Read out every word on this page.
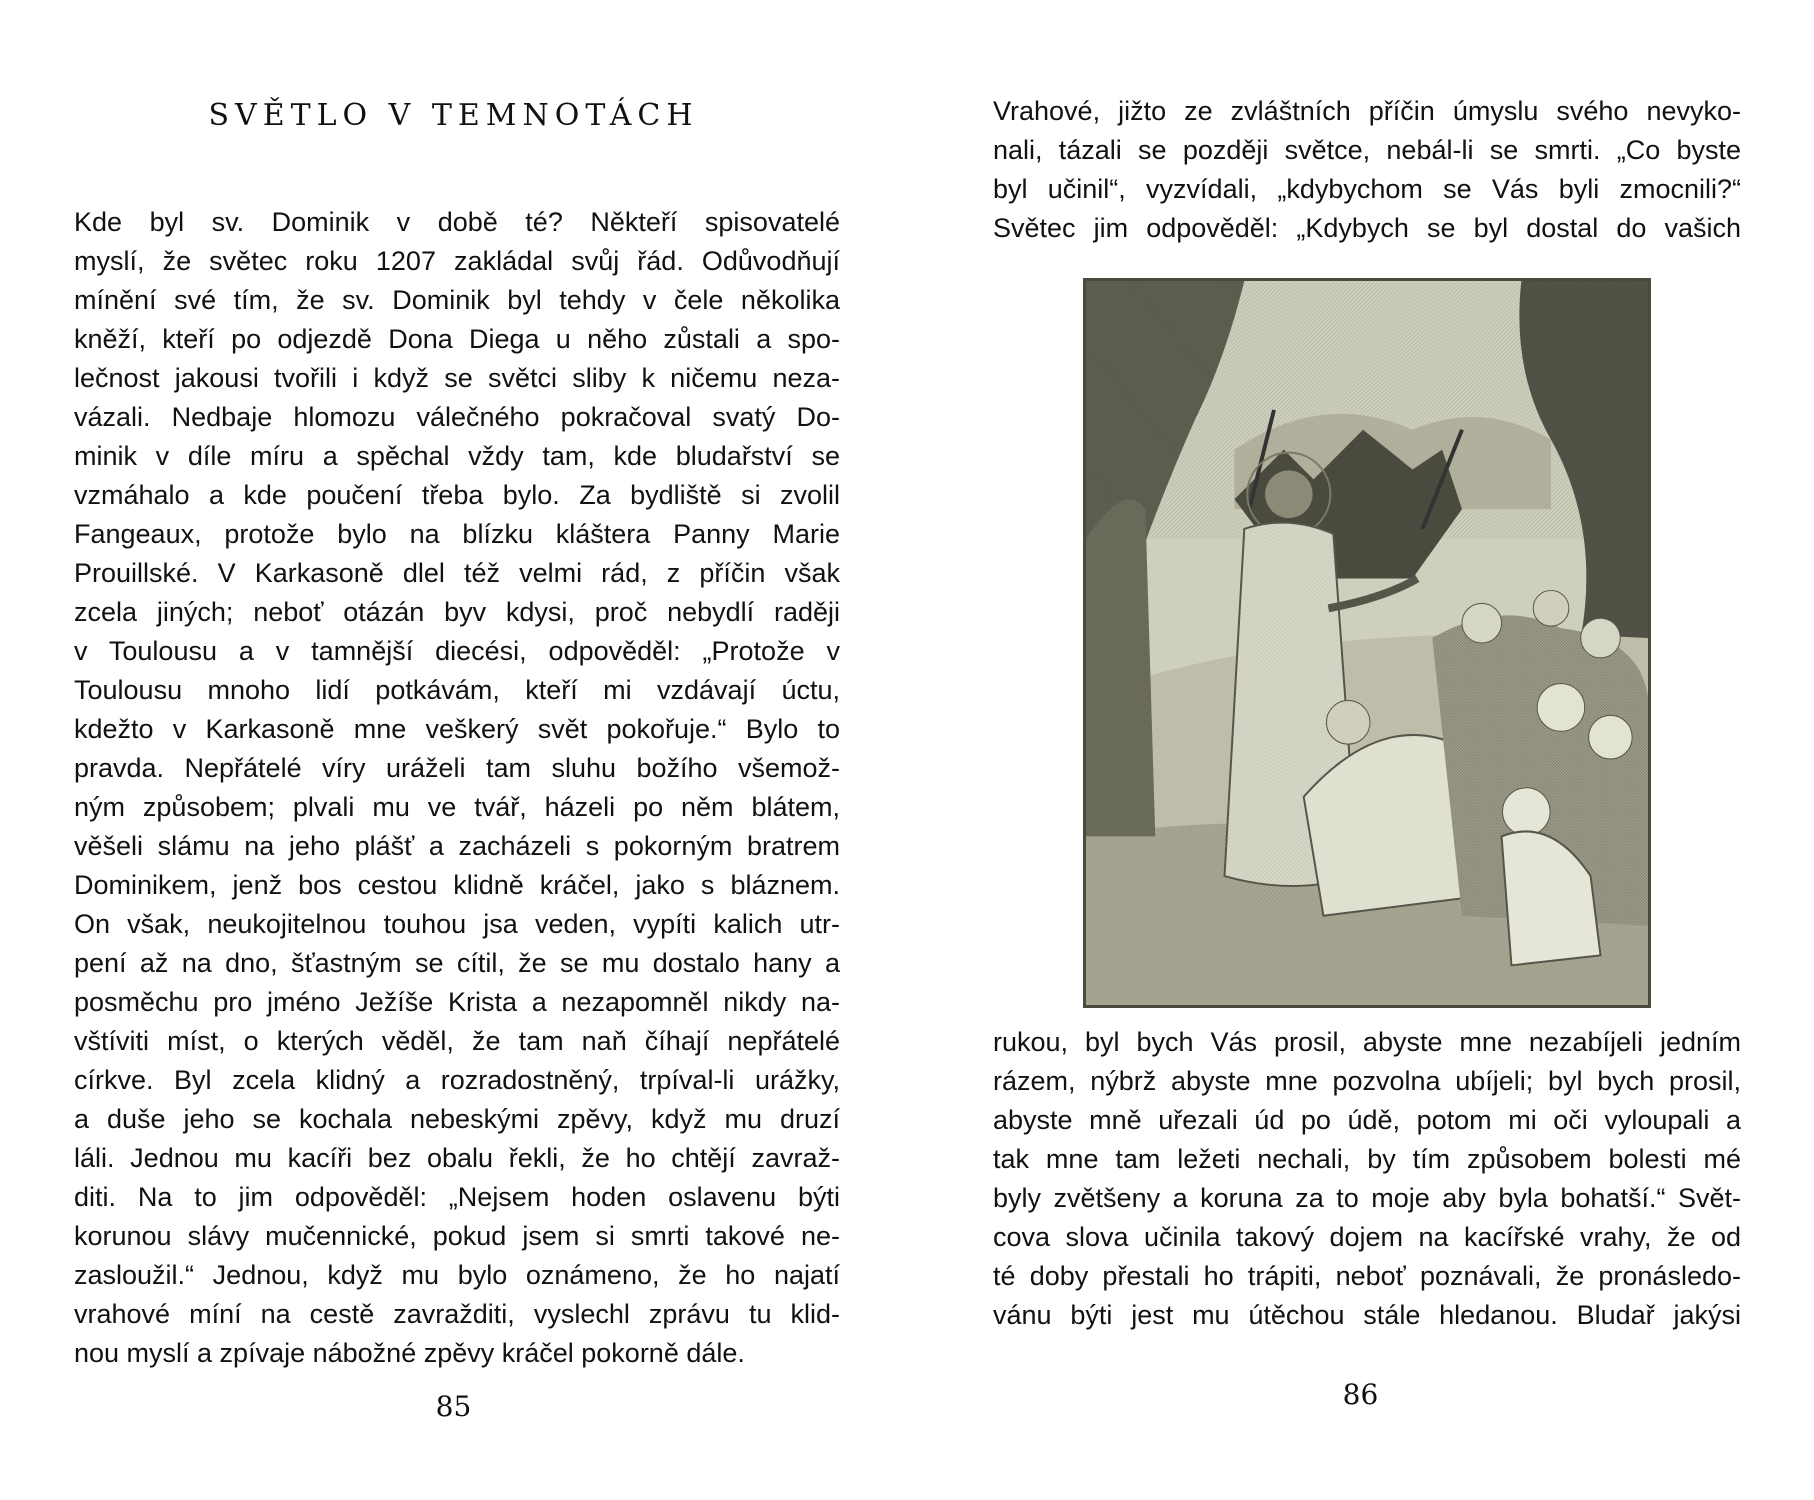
SVĚTLO V TEMNOTÁCH
Kde byl sv. Dominik v době té? Někteří spisovatelé
myslí, že světec roku 1207 zakládal svůj řád. Odůvodňují
mínění své tím, že sv. Dominik byl tehdy v čele několika
kněží, kteří po odjezdě Dona Diega u něho zůstali a spo-
lečnost jakousi tvořili i když se světci sliby k ničemu neza-
vázali. Nedbaje hlomozu válečného pokračoval svatý Do-
minik v díle míru a spěchal vždy tam, kde bludařství se
vzmáhalo a kde poučení třeba bylo. Za bydliště si zvolil
Fangeaux, protože bylo na blízku kláštera Panny Marie
Prouillské. V Karkasoně dlel též velmi rád, z příčin však
zcela jiných; neboť otázán byv kdysi, proč nebydlí raději
v Toulousu a v tamnější diecési, odpověděl: „Protože v
Toulousu mnoho lidí potkávám, kteří mi vzdávají úctu,
kdežto v Karkasoně mne veškerý svět pokořuje.“ Bylo to
pravda. Nepřátelé víry uráželi tam sluhu božího všemož-
ným způsobem; plvali mu ve tvář, házeli po něm blátem,
věšeli slámu na jeho plášť a zacházeli s pokorným bratrem
Dominikem, jenž bos cestou klidně kráčel, jako s bláznem.
On však, neukojitelnou touhou jsa veden, vypíti kalich utr-
pení až na dno, šťastným se cítil, že se mu dostalo hany a
posměchu pro jméno Ježíše Krista a nezapomněl nikdy na-
vštíviti míst, o kterých věděl, že tam naň číhají nepřátelé
církve. Byl zcela klidný a rozradostněný, trpíval-li urážky,
a duše jeho se kochala nebeskými zpěvy, když mu druzí
láli. Jednou mu kacíři bez obalu řekli, že ho chtějí zavraž-
diti. Na to jim odpověděl: „Nejsem hoden oslavenu býti
korunou slávy mučennické, pokud jsem si smrti takové ne-
zasloužil.“ Jednou, když mu bylo oznámeno, že ho najatí
vrahové míní na cestě zavražditi, vyslechl zprávu tu klid-
nou myslí a zpívaje nábožné zpěvy kráčel pokorně dále.
85
Vrahové, jižto ze zvláštních příčin úmyslu svého nevyko-
nali, tázali se později světce, nebál-li se smrti. „Co byste
byl učinil“, vyzvídali, „kdybychom se Vás byli zmocnili?“
Světec jim odpověděl: „Kdybych se byl dostal do vašich
rukou, byl bych Vás prosil, abyste mne nezabíjeli jedním
rázem, nýbrž abyste mne pozvolna ubíjeli; byl bych prosil,
abyste mně uřezali úd po údě, potom mi oči vyloupali a
tak mne tam ležeti nechali, by tím způsobem bolesti mé
byly zvětšeny a koruna za to moje aby byla bohatší.“ Svět-
cova slova učinila takový dojem na kacířské vrahy, že od
té doby přestali ho trápiti, neboť poznávali, že pronásledo-
vánu býti jest mu útěchou stále hledanou. Bludař jakýsi
86
